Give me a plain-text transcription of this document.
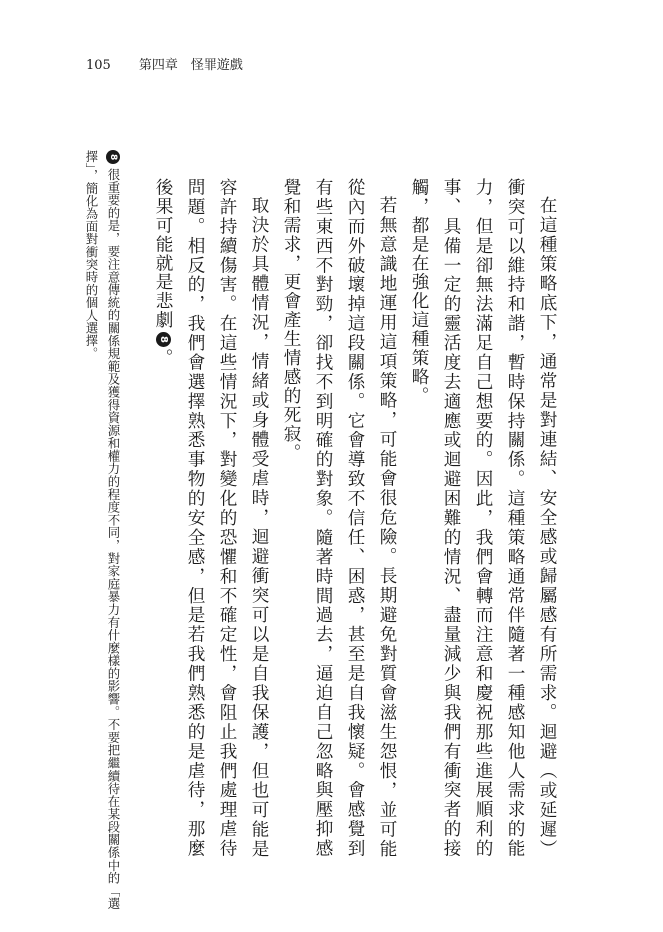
105 第四章　怪罪遊戲

在這種策略底下，通常是對連結、安全感或歸屬感有所需求。迴避（或延遲）衝突可以維持和諧，暫時保持關係。這種策略通常伴隨著一種感知他人需求的能力，但是卻無法滿足自己想要的。因此，我們會轉而注意和慶祝那些進展順利的事、具備一定的靈活度去適應或迴避困難的情況、盡量減少與我們有衝突者的接觸，都是在強化這種策略。

若無意識地運用這項策略，可能會很危險。長期避免對質會滋生怨恨，並可能從內而外破壞掉這段關係。它會導致不信任、困惑，甚至是自我懷疑。會感覺到有些東西不對勁，卻找不到明確的對象。隨著時間過去，逼迫自己忽略與壓抑感覺和需求，更會產生情感的死寂。

取決於具體情況，情緒或身體受虐時，迴避衝突可以是自我保護，但也可能是容許持續傷害。在這些情況下，對變化的恐懼和不確定性，會阻止我們處理虐待問題。相反的，我們會選擇熟悉事物的安全感，但是若我們熟悉的是虐待，那麼後果可能就是悲劇8。

8很重要的是，要注意傳統的關係規範及獲得資源和權力的程度不同，對家庭暴力有什麼樣的影響。不要把繼續待在某段關係中的「選擇」，簡化為面對衝突時的個人選擇。
